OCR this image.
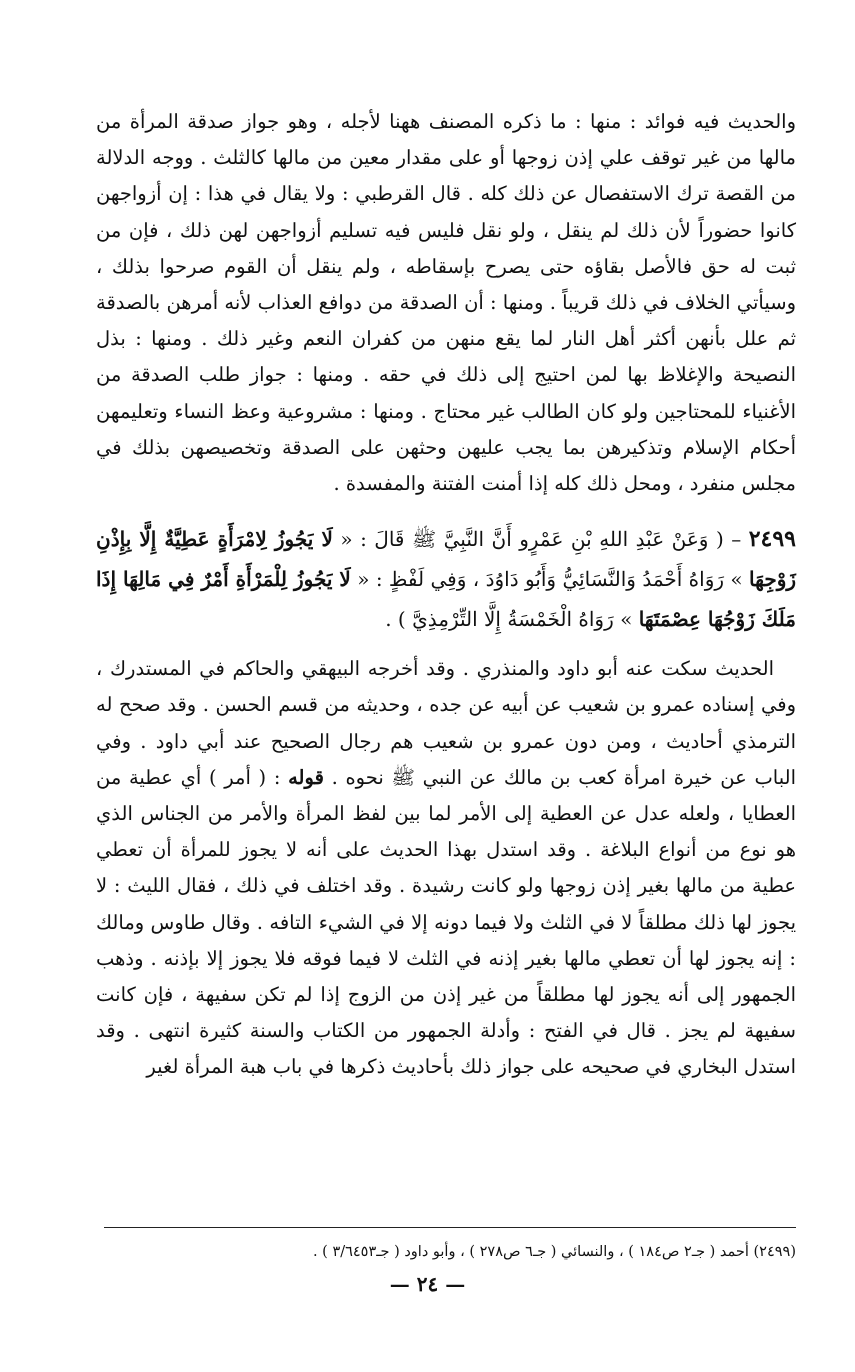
والحديث فيه فوائد : منها : ما ذكره المصنف ههنا لأجله ، وهو جواز صدقة المرأة من مالها من غير توقف علي إذن زوجها أو على مقدار معين من مالها كالثلث . ووجه الدلالة من القصة ترك الاستفصال عن ذلك كله . قال القرطبي : ولا يقال في هذا : إن أزواجهن كانوا حضوراً لأن ذلك لم ينقل ، ولو نقل فليس فيه تسليم أزواجهن لهن ذلك ، فإن من ثبت له حق فالأصل بقاؤه حتى يصرح بإسقاطه ، ولم ينقل أن القوم صرحوا بذلك ، وسيأتي الخلاف في ذلك قريباً . ومنها : أن الصدقة من دوافع العذاب لأنه أمرهن بالصدقة ثم علل بأنهن أكثر أهل النار لما يقع منهن من كفران النعم وغير ذلك . ومنها : بذل النصيحة والإغلاظ بها لمن احتيج إلى ذلك في حقه . ومنها : جواز طلب الصدقة من الأغنياء للمحتاجين ولو كان الطالب غير محتاج . ومنها : مشروعية وعظ النساء وتعليمهن أحكام الإسلام وتذكيرهن بما يجب عليهن وحثهن على الصدقة وتخصيصهن بذلك في مجلس منفرد ، ومحل ذلك كله إذا أمنت الفتنة والمفسدة .

٢٤٩٩ – ( وَعَنْ عَبْدِ اللهِ بْنِ عَمْرٍو أَنَّ النَّبِيَّ ﷺ قَالَ : « لَا يَجُوزُ لِامْرَأَةٍ عَطِيَّةٌ إِلَّا بِإِذْنِ زَوْجِهَا » رَوَاهُ أَحْمَدُ وَالنَّسَائِيُّ وَأَبُو دَاوُدَ ، وَفِي لَفْظٍ : « لَا يَجُوزُ لِلْمَرْأَةِ أَمْرٌ فِي مَالِهَا إِذَا مَلَكَ زَوْجُهَا عِصْمَتَهَا » رَوَاهُ الْخَمْسَةُ إِلَّا التِّرْمِذِيَّ ) .

الحديث سكت عنه أبو داود والمنذري . وقد أخرجه البيهقي والحاكم في المستدرك ، وفي إسناده عمرو بن شعيب عن أبيه عن جده ، وحديثه من قسم الحسن . وقد صحح له الترمذي أحاديث ، ومن دون عمرو بن شعيب هم رجال الصحيح عند أبي داود . وفي الباب عن خيرة امرأة كعب بن مالك عن النبي ﷺ نحوه . قوله : ( أمر ) أي عطية من العطايا ، ولعله عدل عن العطية إلى الأمر لما بين لفظ المرأة والأمر من الجناس الذي هو نوع من أنواع البلاغة . وقد استدل بهذا الحديث على أنه لا يجوز للمرأة أن تعطي عطية من مالها بغير إذن زوجها ولو كانت رشيدة . وقد اختلف في ذلك ، فقال الليث : لا يجوز لها ذلك مطلقاً لا في الثلث ولا فيما دونه إلا في الشيء التافه . وقال طاوس ومالك : إنه يجوز لها أن تعطي مالها بغير إذنه في الثلث لا فيما فوقه فلا يجوز إلا بإذنه . وذهب الجمهور إلى أنه يجوز لها مطلقاً من غير إذن من الزوج إذا لم تكن سفيهة ، فإن كانت سفيهة لم يجز . قال في الفتح : وأدلة الجمهور من الكتاب والسنة كثيرة انتهى . وقد استدل البخاري في صحيحه على جواز ذلك بأحاديث ذكرها في باب هبة المرأة لغير

(٢٤٩٩) أحمد ( جـ٢ ص١٨٤ ) ، والنسائي ( جـ٦ ص٢٧٨ ) ، وأبو داود ( جـ٣/٦٤٥٣ ) .
— ٢٤ —
